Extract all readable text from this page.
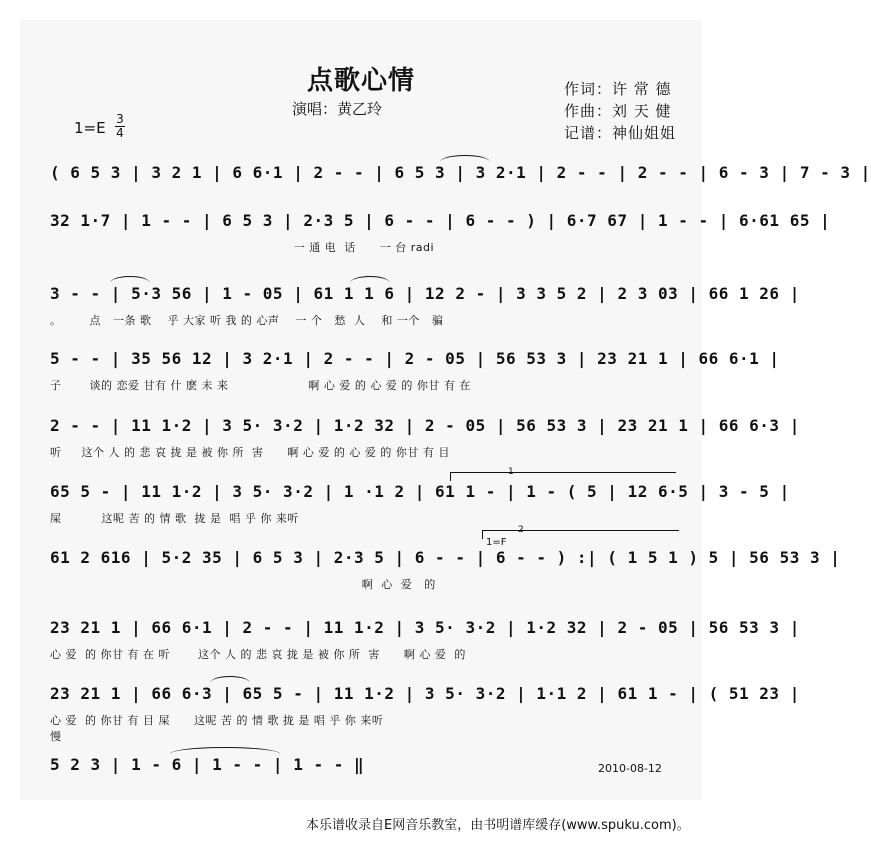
点歌心情
演唱：黄乙玲
作词：许 常 德
作曲：刘 天 健
记谱：神仙姐姐
1=E 3
4
( 6 5 3 | 3 2 1 | 6 6·1 | 2 - - | 6 5 3 | 3 2·1 | 2 - - | 2 - - | 6 - 3 | 7 - 3 |
32 1·7 | 1 - - | 6 5 3 | 2·3 5 | 6 - - | 6 - - ) | 6·7 67 | 1 - - | 6·61 65 |
一 通 电  话      一 台 radi
3 - - | 5·3 56 | 1 - 05 | 61 1 1 6 | 12 2 - | 3 3 5 2 | 2 3 03 | 66 1 26 |
。       点   一条 歌    乎 大家 听 我 的 心声    一 个   愁  人    和 一个   骗
5 - - | 35 56 12 | 3 2·1 | 2 - - | 2 - 05 | 56 53 3 | 23 21 1 | 66 6·1 |
子       谈的 恋爱 甘有 什 麽 未 来                    啊 心 爱 的 心 爱 的 你甘 有 在
2 - - | 11 1·2 | 3 5· 3·2 | 1·2 32 | 2 - 05 | 56 53 3 | 23 21 1 | 66 6·3 |
听     这个 人 的 悲 哀 拢 是 被 你 所  害      啊 心 爱 的 心 爱 的 你甘 有 目
1
65 5 - | 11 1·2 | 3 5· 3·2 | 1 ·1 2 | 61 1 - | 1 - ( 5 | 12 6·5 | 3 - 5 |
屎          这呢 苦 的 情 歌  拢 是  唱 乎 你 来听
2
1=F
61 2 616 | 5·2 35 | 6 5 3 | 2·3 5 | 6 - - | 6 - - ) :| ( 1 5 1 ) 5 | 56 53 3 |
啊  心  爱   的
23 21 1 | 66 6·1 | 2 - - | 11 1·2 | 3 5· 3·2 | 1·2 32 | 2 - 05 | 56 53 3 |
心 爱  的 你甘 有 在 听       这个 人 的 悲 哀 拢 是 被 你 所  害      啊 心 爱  的
23 21 1 | 66 6·3 | 65 5 - | 11 1·2 | 3 5· 3·2 | 1·1 2 | 61 1 - | ( 51 23 |
心 爱  的 你甘 有 目 屎      这呢 苦 的 情 歌 拢 是 唱 乎 你 来听
慢
5 2 3 | 1 - 6 | 1 - - | 1 - - ‖	2010-08-12
本乐谱收录自E网音乐教室，由书明谱库缓存(www.spuku.com)。
